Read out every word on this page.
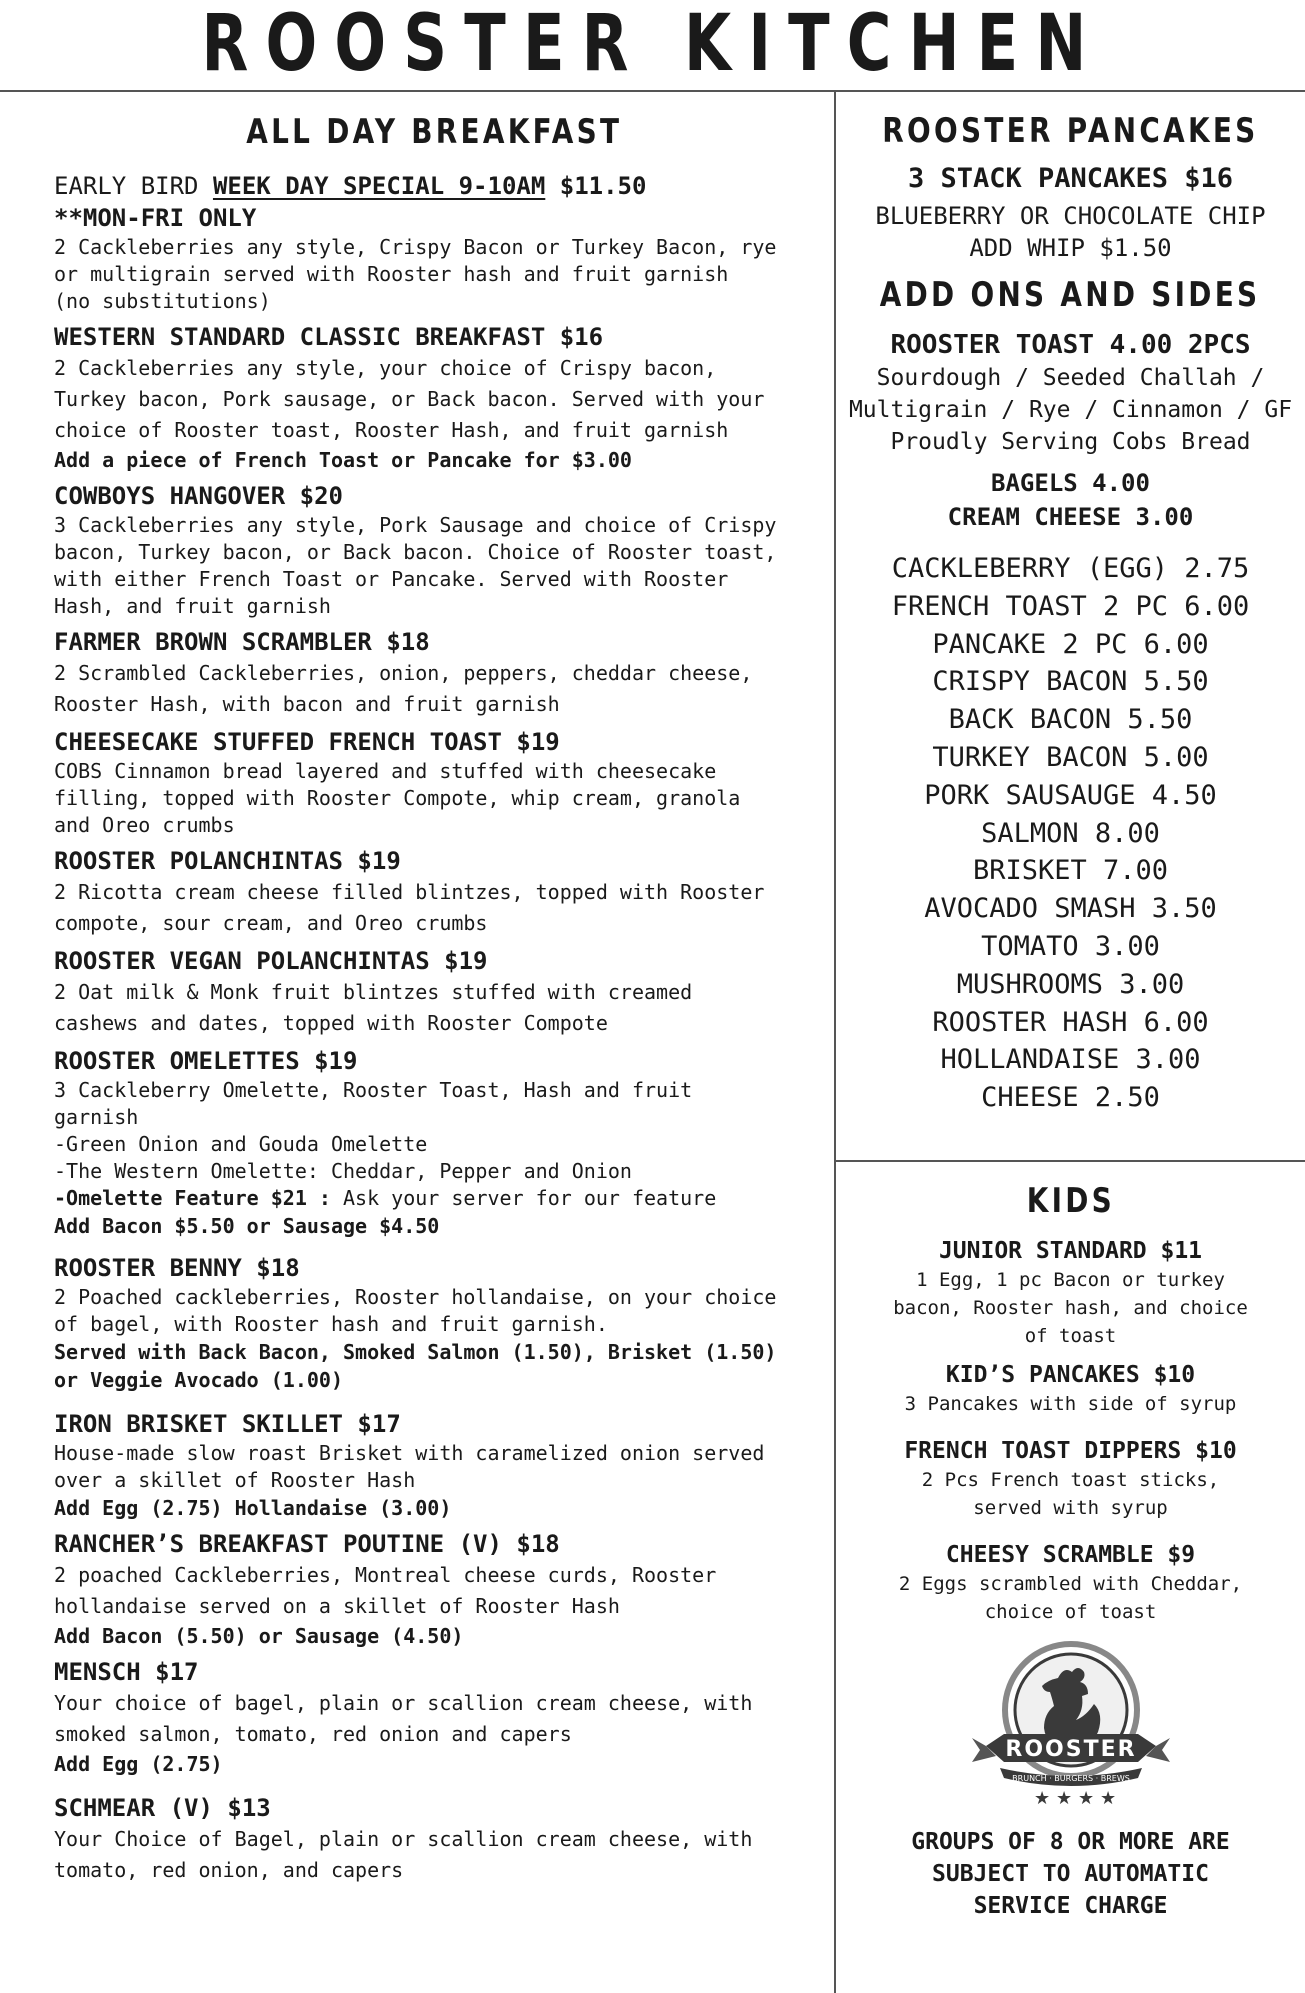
ROOSTER KITCHEN
ALL DAY BREAKFAST
EARLY BIRD WEEK DAY SPECIAL 9-10AM $11.50
**MON-FRI ONLY
2 Cackleberries any style, Crispy Bacon or Turkey Bacon, rye
or multigrain served with Rooster hash and fruit garnish
(no substitutions)
WESTERN STANDARD CLASSIC BREAKFAST $16
2 Cackleberries any style, your choice of Crispy bacon,
Turkey bacon, Pork sausage, or Back bacon. Served with your
choice of Rooster toast, Rooster Hash, and fruit garnish
Add a piece of French Toast or Pancake for $3.00
COWBOYS HANGOVER $20
3 Cackleberries any style, Pork Sausage and choice of Crispy
bacon, Turkey bacon, or Back bacon. Choice of Rooster toast,
with either French Toast or Pancake. Served with Rooster
Hash, and fruit garnish
FARMER BROWN SCRAMBLER $18
2 Scrambled Cackleberries, onion, peppers, cheddar cheese,
Rooster Hash, with bacon and fruit garnish
CHEESECAKE STUFFED FRENCH TOAST $19
COBS Cinnamon bread layered and stuffed with cheesecake
filling, topped with Rooster Compote, whip cream, granola
and Oreo crumbs
ROOSTER POLANCHINTAS $19
2 Ricotta cream cheese filled blintzes, topped with Rooster
compote, sour cream, and Oreo crumbs
ROOSTER VEGAN POLANCHINTAS $19
2 Oat milk & Monk fruit blintzes stuffed with creamed
cashews and dates, topped with Rooster Compote
ROOSTER OMELETTES $19
3 Cackleberry Omelette, Rooster Toast, Hash and fruit
garnish
-Green Onion and Gouda Omelette
-The Western Omelette: Cheddar, Pepper and Onion
-Omelette Feature $21 : Ask your server for our feature
Add Bacon $5.50 or Sausage $4.50
ROOSTER BENNY $18
2 Poached cackleberries, Rooster hollandaise, on your choice
of bagel, with Rooster hash and fruit garnish.
Served with Back Bacon, Smoked Salmon (1.50), Brisket (1.50)
or Veggie Avocado (1.00)
IRON BRISKET SKILLET $17
House-made slow roast Brisket with caramelized onion served
over a skillet of Rooster Hash
Add Egg (2.75) Hollandaise (3.00)
RANCHER’S BREAKFAST POUTINE (V) $18
2 poached Cackleberries, Montreal cheese curds, Rooster
hollandaise served on a skillet of Rooster Hash
Add Bacon (5.50) or Sausage (4.50)
MENSCH $17
Your choice of bagel, plain or scallion cream cheese, with
smoked salmon, tomato, red onion and capers
Add Egg (2.75)
SCHMEAR (V) $13
Your Choice of Bagel, plain or scallion cream cheese, with
tomato, red onion, and capers
ROOSTER PANCAKES
3 STACK PANCAKES $16
BLUEBERRY OR CHOCOLATE CHIP
ADD WHIP $1.50
ADD ONS AND SIDES
ROOSTER TOAST 4.00 2PCS
Sourdough / Seeded Challah /
Multigrain / Rye / Cinnamon / GF
Proudly Serving Cobs Bread
BAGELS 4.00
CREAM CHEESE 3.00
CACKLEBERRY (EGG) 2.75
FRENCH TOAST 2 PC 6.00
PANCAKE 2 PC 6.00
CRISPY BACON 5.50
BACK BACON 5.50
TURKEY BACON 5.00
PORK SAUSAUGE 4.50
SALMON 8.00
BRISKET 7.00
AVOCADO SMASH 3.50
TOMATO 3.00
MUSHROOMS 3.00
ROOSTER HASH 6.00
HOLLANDAISE 3.00
CHEESE 2.50
KIDS
JUNIOR STANDARD $11
1 Egg, 1 pc Bacon or turkey
bacon, Rooster hash, and choice
of toast
KID’S PANCAKES $10
3 Pancakes with side of syrup
FRENCH TOAST DIPPERS $10
2 Pcs French toast sticks,
served with syrup
CHEESY SCRAMBLE $9
2 Eggs scrambled with Cheddar,
choice of toast
ROOSTER
BRUNCH · BURGERS · BREWS
★ ★ ★ ★
GROUPS OF 8 OR MORE ARE
SUBJECT TO AUTOMATIC
SERVICE CHARGE
